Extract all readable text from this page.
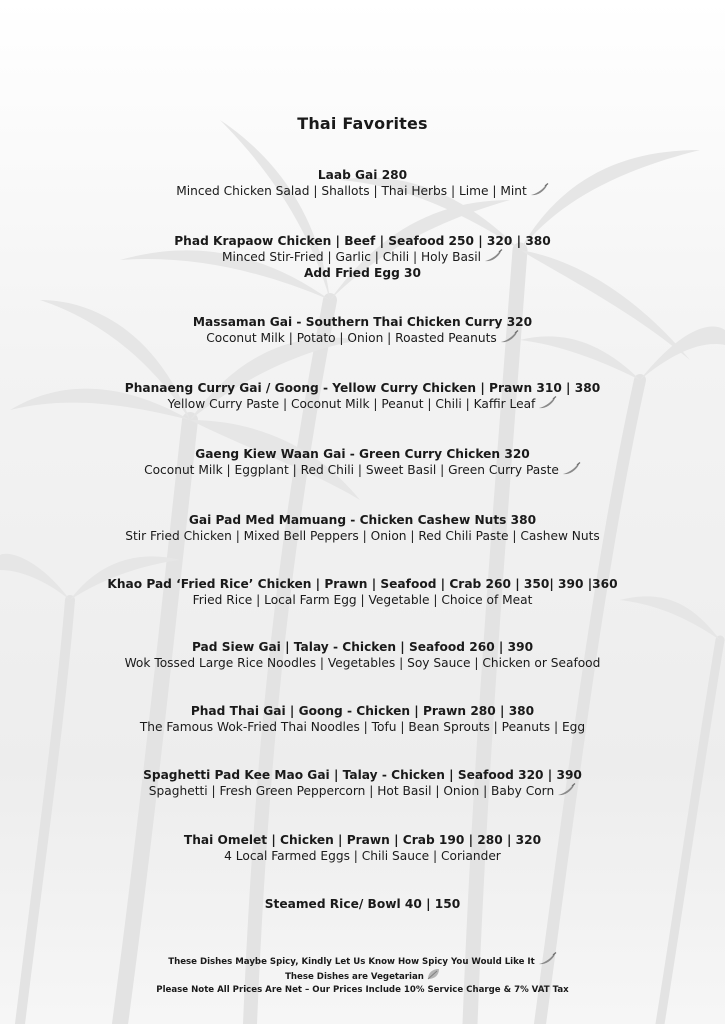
Thai Favorites
Laab Gai 280
Minced Chicken Salad | Shallots | Thai Herbs | Lime | Mint
Phad Krapaow Chicken | Beef | Seafood 250 | 320 | 380
Minced Stir-Fried | Garlic | Chili | Holy Basil
Add Fried Egg 30
Massaman Gai - Southern Thai Chicken Curry 320
Coconut Milk | Potato | Onion | Roasted Peanuts
Phanaeng Curry Gai / Goong - Yellow Curry Chicken | Prawn 310 | 380
Yellow Curry Paste | Coconut Milk | Peanut | Chili | Kaffir Leaf
Gaeng Kiew Waan Gai - Green Curry Chicken 320
Coconut Milk | Eggplant | Red Chili | Sweet Basil | Green Curry Paste
Gai Pad Med Mamuang - Chicken Cashew Nuts 380
Stir Fried Chicken | Mixed Bell Peppers | Onion | Red Chili Paste | Cashew Nuts
Khao Pad ‘Fried Rice’ Chicken | Prawn | Seafood | Crab 260 | 350| 390 |360
Fried Rice | Local Farm Egg | Vegetable | Choice of Meat
Pad Siew Gai | Talay - Chicken | Seafood 260 | 390
Wok Tossed Large Rice Noodles | Vegetables | Soy Sauce | Chicken or Seafood
Phad Thai Gai | Goong - Chicken | Prawn 280 | 380
The Famous Wok-Fried Thai Noodles | Tofu | Bean Sprouts | Peanuts | Egg
Spaghetti Pad Kee Mao Gai | Talay - Chicken | Seafood 320 | 390
Spaghetti | Fresh Green Peppercorn | Hot Basil | Onion | Baby Corn
Thai Omelet | Chicken | Prawn | Crab 190 | 280 | 320
4 Local Farmed Eggs | Chili Sauce | Coriander
Steamed Rice/ Bowl 40 | 150
These Dishes Maybe Spicy, Kindly Let Us Know How Spicy You Would Like It
These Dishes are Vegetarian
Please Note All Prices Are Net – Our Prices Include 10% Service Charge & 7% VAT Tax
